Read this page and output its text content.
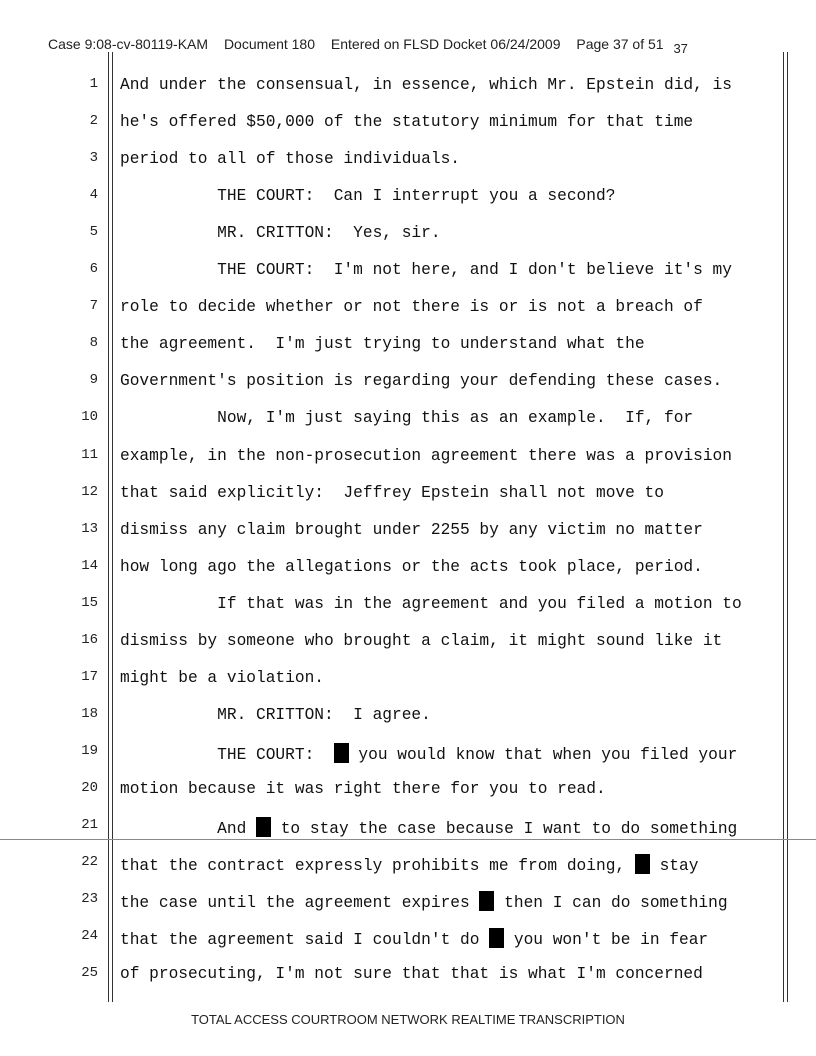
Case 9:08-cv-80119-KAM Document 180 Entered on FLSD Docket 06/24/2009 Page 37 of 51 37
1 And under the consensual, in essence, which Mr. Epstein did, is
2 he's offered $50,000 of the statutory minimum for that time
3 period to all of those individuals.
4 THE COURT:  Can I interrupt you a second?
5 MR. CRITTON:  Yes, sir.
6 THE COURT:  I'm not here, and I don't believe it's my
7 role to decide whether or not there is or is not a breach of
8 the agreement.  I'm just trying to understand what the
9 Government's position is regarding your defending these cases.
10 Now, I'm just saying this as an example.  If, for
11 example, in the non-prosecution agreement there was a provision
12 that said explicitly:  Jeffrey Epstein shall not move to
13 dismiss any claim brought under 2255 by any victim no matter
14 how long ago the allegations or the acts took place, period.
15 If that was in the agreement and you filed a motion to
16 dismiss by someone who brought a claim, it might sound like it
17 might be a violation.
18 MR. CRITTON:  I agree.
19 THE COURT:   you would know that when you filed your
20 motion because it was right there for you to read.
21 And  to stay the case because I want to do something
22 that the contract expressly prohibits me from doing,  stay
23 the case until the agreement expires  then I can do something
24 that the agreement said I couldn't do  you won't be in fear
25 of prosecuting, I'm not sure that that is what I'm concerned
TOTAL ACCESS COURTROOM NETWORK REALTIME TRANSCRIPTION
